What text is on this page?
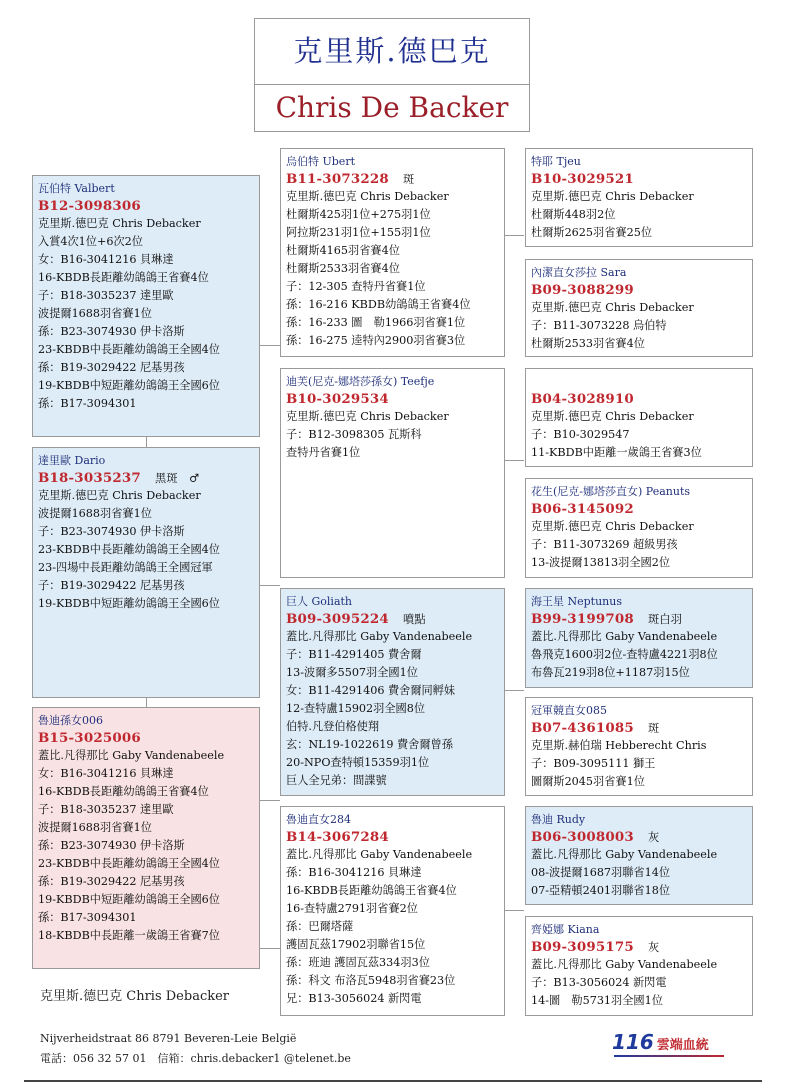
克里斯.德巴克
Chris De Backer
瓦伯特 Valbert
B12-3098306
克里斯.德巴克 Chris Debacker
入賞4次1位+6次2位
女：B16-3041216 貝琳達
16-KBDB長距離幼鴿鴿王省賽4位
子：B18-3035237 達里歐
波提爾1688羽省賽1位
孫：B23-3074930 伊卡洛斯
23-KBDB中長距離幼鴿鴿王全國4位
孫：B19-3029422 尼基男孩
19-KBDB中短距離幼鴿鴿王全國6位
孫：B17-3094301
達里歐 Dario
B18-3035237 黑斑　♂
克里斯.德巴克 Chris Debacker
波提爾1688羽省賽1位
子：B23-3074930 伊卡洛斯
23-KBDB中長距離幼鴿鴿王全國4位
23-四場中長距離幼鴿鴿王全國冠軍
子：B19-3029422 尼基男孩
19-KBDB中短距離幼鴿鴿王全國6位
魯迪孫女006
B15-3025006
蓋比.凡得那比 Gaby Vandenabeele
女：B16-3041216 貝琳達
16-KBDB長距離幼鴿鴿王省賽4位
子：B18-3035237 達里歐
波提爾1688羽省賽1位
孫：B23-3074930 伊卡洛斯
23-KBDB中長距離幼鴿鴿王全國4位
孫：B19-3029422 尼基男孩
19-KBDB中短距離幼鴿鴿王全國6位
孫：B17-3094301
18-KBDB中長距離一歲鴿王省賽7位
烏伯特 Ubert
B11-3073228 斑
克里斯.德巴克 Chris Debacker
杜爾斯425羽1位+275羽1位
阿拉斯231羽1位+155羽1位
杜爾斯4165羽省賽4位
杜爾斯2533羽省賽4位
子：12-305 查特丹省賽1位
孫：16-216 KBDB幼鴿鴿王省賽4位
孫：16-233 圖　勒1966羽省賽1位
孫：16-275 逵特內2900羽省賽3位
迪芙(尼克-娜塔莎孫女) Teefje
B10-3029534
克里斯.德巴克 Chris Debacker
子：B12-3098305 瓦斯科
查特丹省賽1位
巨人 Goliath
B09-3095224 噴點
蓋比.凡得那比 Gaby Vandenabeele
子：B11-4291405 費舍爾
13-波爾多5507羽全國1位
女：B11-4291406 費舍爾同孵妹
12-查特盧15902羽全國8位
伯特.凡登伯格使翔
玄：NL19-1022619 費舍爾曾孫
20-NPO查特頓15359羽1位
巨人全兄弟：間諜號
魯迪直女284
B14-3067284
蓋比.凡得那比 Gaby Vandenabeele
孫：B16-3041216 貝琳達
16-KBDB長距離幼鴿鴿王省賽4位
16-查特盧2791羽省賽2位
孫：巴爾塔薩
護固瓦茲17902羽聯省15位
孫：班迪 護固瓦茲334羽3位
孫：科文 布洛瓦5948羽省賽23位
兄：B13-3056024 新閃電
特耶 Tjeu
B10-3029521
克里斯.德巴克 Chris Debacker
杜爾斯448羽2位
杜爾斯2625羽省賽25位
內潔直女莎拉 Sara
B09-3088299
克里斯.德巴克 Chris Debacker
子：B11-3073228 烏伯特
杜爾斯2533羽省賽4位
B04-3028910
克里斯.德巴克 Chris Debacker
子：B10-3029547
11-KBDB中距離一歲鴿王省賽3位
花生(尼克-娜塔莎直女) Peanuts
B06-3145092
克里斯.德巴克 Chris Debacker
子：B11-3073269 超級男孩
13-波提爾13813羽全國2位
海王星 Neptunus
B99-3199708 斑白羽
蓋比.凡得那比 Gaby Vandenabeele
魯飛克1600羽2位-查特盧4221羽8位
布魯瓦219羽8位+1187羽15位
冠軍競直女085
B07-4361085 斑
克里斯.赫伯瑞 Hebberecht Chris
子：B09-3095111 獅王
圖爾斯2045羽省賽1位
魯迪 Rudy
B06-3008003 灰
蓋比.凡得那比 Gaby Vandenabeele
08-波提爾1687羽聯省14位
07-亞精頓2401羽聯省18位
齊婭娜 Kiana
B09-3095175 灰
蓋比.凡得那比 Gaby Vandenabeele
子：B13-3056024 新閃電
14-圖　勒5731羽全國1位
克里斯.德巴克 Chris Debacker
Nijverheidstraat 86 8791 Beveren-Leie België
電話：056 32 57 01　信箱：chris.debacker1 @telenet.be
116 雲端血統
